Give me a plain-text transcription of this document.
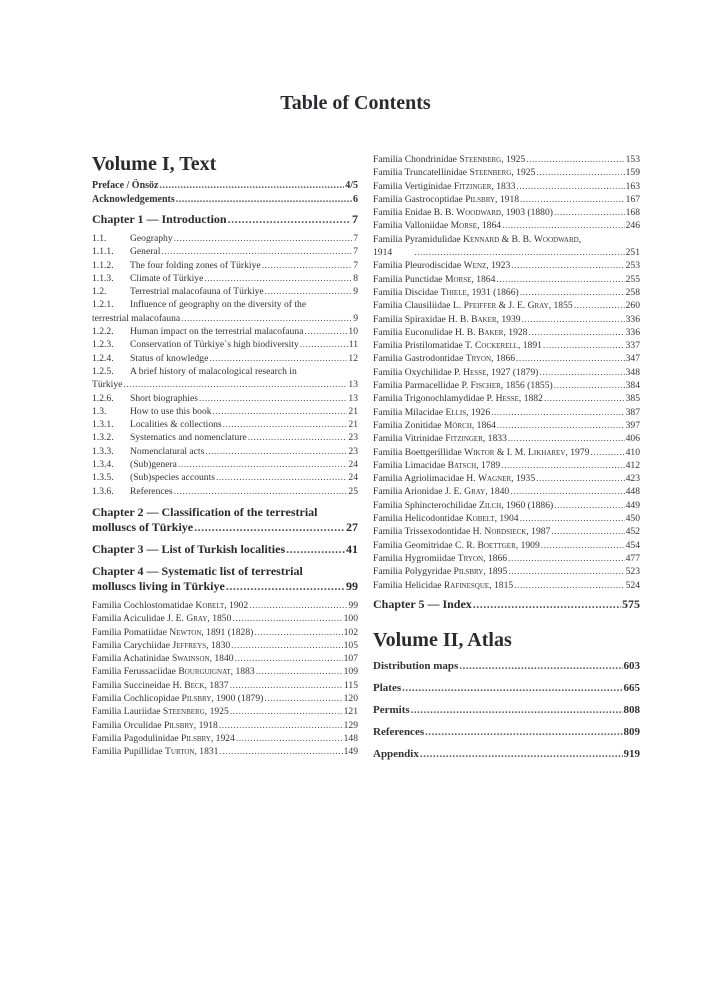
Table of Contents
Volume I, Text
Preface / Önsöz .....	4/5
Acknowledgements .....	6
Chapter 1 — Introduction .....	7
1.1. Geography .....	7
1.1.1. General .....	7
1.1.2. The four folding zones of Türkiye .....	7
1.1.3. Climate of Türkiye .....	8
1.2. Terrestrial malacofauna of Türkiye .....	9
1.2.1. Influence of geography on the diversity of the
terrestrial malacofauna .....	9
1.2.2. Human impact on the terrestrial malacofauna .....	10
1.2.3. Conservation of Türkiye`s high biodiversity .....	11
1.2.4. Status of knowledge .....	12
1.2.5. A brief history of malacological research in
Türkiye .....	13
1.2.6. Short biographies .....	13
1.3. How to use this book .....	21
1.3.1. Localities & collections .....	21
1.3.2. Systematics and nomenclature .....	23
1.3.3. Nomenclatural acts .....	23
1.3.4. (Sub)genera .....	24
1.3.5. (Sub)species accounts .....	24
1.3.6. References .....	25
Chapter 2 — Classification of the terrestrial
molluscs of Türkiye .....	27
Chapter 3 — List of Turkish localities .....	41
Chapter 4 — Systematic list of terrestrial
molluscs living in Türkiye .....	99
Familia Cochlostomatidae Kobelt, 1902 .....	99
Familia Aciculidae J. E. Gray, 1850 .....	100
Familia Pomatiidae Newton, 1891 (1828) .....	102
Familia Carychiidae Jeffreys, 1830 .....	105
Familia Achatinidae Swainson, 1840 .....	107
Familia Ferussaciidae Bourguignat, 1883 .....	109
Familia Succineidae H. Beck, 1837 .....	115
Familia Cochlicopidae Pilsbry, 1900 (1879) .....	120
Familia Lauriidae Steenberg, 1925 .....	121
Familia Orculidae Pilsbry, 1918 .....	129
Familia Pagodulinidae Pilsbry, 1924 .....	148
Familia Pupillidae Turton, 1831 .....	149
Familia Chondrinidae Steenberg, 1925 .....	153
Familia Truncatellinidae Steenberg, 1925 .....	159
Familia Vertiginidae Fitzinger, 1833 .....	163
Familia Gastrocoptidae Pilsbry, 1918 .....	167
Familia Enidae B. B. Woodward, 1903 (1880) .....	168
Familia Valloniidae Morse, 1864 .....	246
Familia Pyramidulidae Kennard & B. B. Woodward,
1914 .....	251
Familia Pleurodiscidae Wenz, 1923 .....	253
Familia Punctidae Morse, 1864 .....	255
Familia Discidae Thiele, 1931 (1866) .....	258
Familia Clausiliidae L. Pfeiffer & J. E. Gray, 1855 .....	260
Familia Spiraxidae H. B. Baker, 1939 .....	336
Familia Euconulidae H. B. Baker, 1928 .....	336
Familia Pristilomatidae T. Cockerell, 1891 .....	337
Familia Gastrodontidae Tryon, 1866 .....	347
Familia Oxychilidae P. Hesse, 1927 (1879) .....	348
Familia Parmacellidae P. Fischer, 1856 (1855) .....	384
Familia Trigonochlamydidae P. Hesse, 1882 .....	385
Familia Milacidae Ellis, 1926 .....	387
Familia Zonitidae Mörch, 1864 .....	397
Familia Vitrinidae Fitzinger, 1833 .....	406
Familia Boettgerillidae Wiktor & I. M. Likharev, 1979 .....	410
Familia Limacidae Batsch, 1789 .....	412
Familia Agriolimacidae H. Wagner, 1935 .....	423
Familia Arionidae J. E. Gray, 1840 .....	448
Familia Sphincterochilidae Zilch, 1960 (1886) .....	449
Familia Helicodontidae Kobelt, 1904 .....	450
Familia Trissexodontidae H. Nordsieck, 1987 .....	452
Familia Geomitridae C. R. Boettger, 1909 .....	454
Familia Hygromiidae Tryon, 1866 .....	477
Familia Polygyridae Pilsbry, 1895 .....	523
Familia Helicidae Rafinesque, 1815 .....	524
Chapter 5 — Index .....	575
Volume II, Atlas
Distribution maps .....	603
Plates .....	665
Permits .....	808
References .....	809
Appendix .....	919
